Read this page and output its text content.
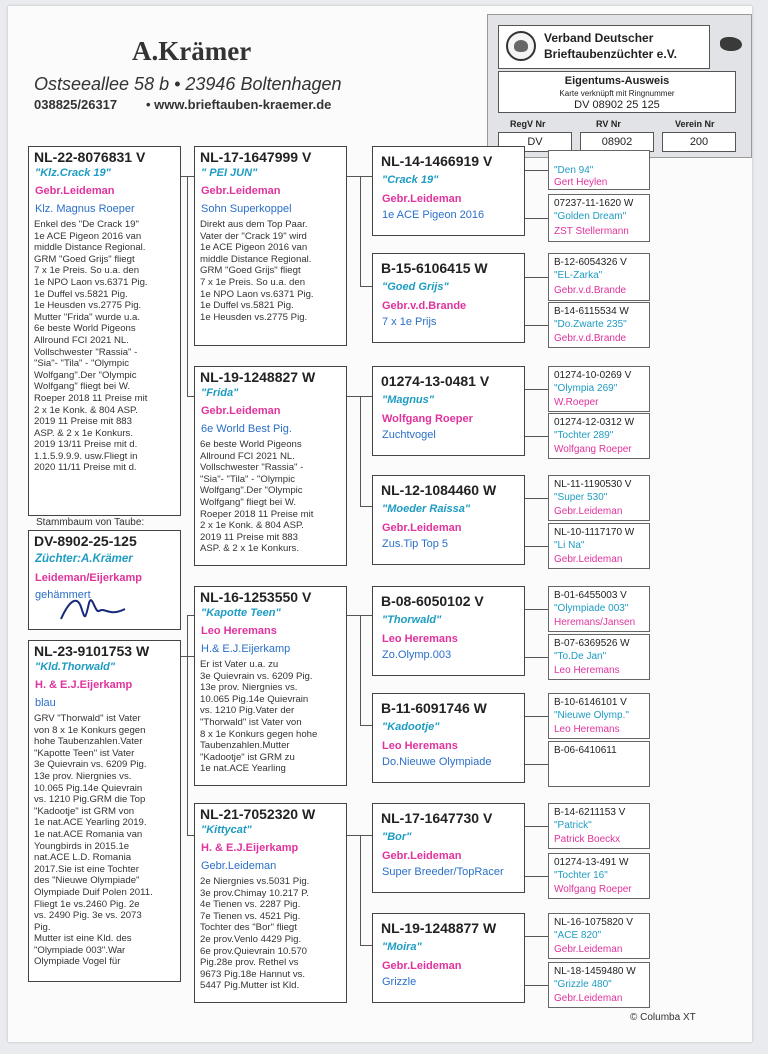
A.Krämer
Ostseeallee 58 b • 23946 Boltenhagen
038825/26317 • www.brieftauben-kraemer.de
Verband Deutscher
Brieftaubenzüchter e.V.
Eigentums-Ausweis
Karte verknüpft mit Ringnummer
DV 08902 25 125
RegV Nr	RV Nr	Verein Nr
DV	08902	200
NL-22-8076831 V
"Klz.Crack 19"
Gebr.Leideman
Klz. Magnus Roeper
Enkel des "De Crack 19"
1e ACE Pigeon 2016 van
middle Distance Regional.
GRM "Goed Grijs" fliegt
7 x 1e Preis. So u.a. den
1e NPO Laon vs.6371 Pig.
1e Duffel vs.5821 Pig.
1e Heusden vs.2775 Pig.
Mutter "Frida" wurde u.a.
6e beste World Pigeons
Allround FCI 2021 NL.
Vollschwester "Rassia" -
"Sia"- "Tila" - "Olympic
Wolfgang".Der "Olympic
Wolfgang" fliegt bei W.
Roeper 2018 11 Preise mit
2 x 1e Konk. & 804 ASP.
2019 11 Preise mit 883
ASP. & 2 x 1e Konkurs.
2019 13/11 Preise mit d.
1.1.5.9.9.9. usw.Fliegt in
2020 11/11 Preise mit d.
Stammbaum von Taube:
DV-8902-25-125
Züchter:A.Krämer
Leideman/Eijerkamp
gehämmert
NL-23-9101753 W
"Kld.Thorwald"
H. & E.J.Eijerkamp
blau
GRV "Thorwald" ist Vater
von 8 x 1e Konkurs gegen
hohe Taubenzahlen.Vater
"Kapotte Teen" ist Vater
3e Quievrain vs. 6209 Pig.
13e prov. Niergnies vs.
10.065 Pig.14e Quievrain
vs. 1210 Pig.GRM die Top
"Kadootje" ist GRM von
1e nat.ACE Yearling 2019.
1e nat.ACE Romania van
Youngbirds in 2015.1e
nat.ACE L.D. Romania
2017.Sie ist eine Tochter
des "Nieuwe Olympiade"
Olympiade Duif Polen 2011.
Fliegt 1e vs.2460 Pig. 2e
vs. 2490 Pig. 3e vs. 2073
Pig.
Mutter ist eine Kld. des
"Olympiade 003".War
Olympiade Vogel für
NL-17-1647999 V
" PEI JUN"
Gebr.Leideman
Sohn Superkoppel
Direkt aus dem Top Paar.
Vater der "Crack 19" wird
1e ACE Pigeon 2016 van
middle Distance Regional.
GRM "Goed Grijs" fliegt
7 x 1e Preis. So u.a. den
1e NPO Laon vs.6371 Pig.
1e Duffel vs.5821 Pig.
1e Heusden vs.2775 Pig.
NL-19-1248827 W
"Frida"
Gebr.Leideman
6e World Best Pig.
6e beste World Pigeons
Allround FCI 2021 NL.
Vollschwester "Rassia" -
"Sia"- "Tila" - "Olympic
Wolfgang".Der "Olympic
Wolfgang" fliegt bei W.
Roeper 2018 11 Preise mit
2 x 1e Konk. & 804 ASP.
2019 11 Preise mit 883
ASP. & 2 x 1e Konkurs.
NL-16-1253550 V
"Kapotte Teen"
Leo Heremans
H.& E.J.Eijerkamp
Er ist Vater u.a. zu
3e Quievrain vs. 6209 Pig.
13e prov. Niergnies vs.
10.065 Pig.14e Quievrain
vs. 1210 Pig.Vater der
"Thorwald" ist Vater von
8 x 1e Konkurs gegen hohe
Taubenzahlen.Mutter
"Kadootje" ist GRM zu
1e nat.ACE Yearling
NL-21-7052320 W
"Kittycat"
H. & E.J.Eijerkamp
Gebr.Leideman
2e Niergnies vs.5031 Pig.
3e prov.Chimay 10.217 P.
4e Tienen vs. 2287 Pig.
7e Tienen vs. 4521 Pig.
Tochter des "Bor" fliegt
2e prov.Venlo 4429 Pig.
6e prov.Quievrain 10.570
Pig.28e prov. Rethel vs
9673 Pig.18e Hannut vs.
5447 Pig.Mutter ist Kld.
NL-14-1466919 V
"Crack 19"
Gebr.Leideman
1e ACE Pigeon 2016
B-15-6106415 W
"Goed Grijs"
Gebr.v.d.Brande
7 x 1e Prijs
01274-13-0481 V
"Magnus"
Wolfgang Roeper
Zuchtvogel
NL-12-1084460 W
"Moeder Raissa"
Gebr.Leideman
Zus.Tip Top 5
B-08-6050102 V
"Thorwald"
Leo Heremans
Zo.Olymp.003
B-11-6091746 W
"Kadootje"
Leo Heremans
Do.Nieuwe Olympiade
NL-17-1647730 V
"Bor"
Gebr.Leideman
Super Breeder/TopRacer
NL-19-1248877 W
"Moira"
Gebr.Leideman
Grizzle
"Den 94"
Gert Heylen
07237-11-1620 W
"Golden Dream"
ZST Stellermann
B-12-6054326 V
"EL-Zarka"
Gebr.v.d.Brande
B-14-6115534 W
"Do.Zwarte 235"
Gebr.v.d.Brande
01274-10-0269 V
"Olympia 269"
W.Roeper
01274-12-0312 W
"Tochter 289"
Wolfgang Roeper
NL-11-1190530 V
"Super 530"
Gebr.Leideman
NL-10-1117170 W
"Li Na"
Gebr.Leideman
B-01-6455003 V
"Olympiade 003"
Heremans/Jansen
B-07-6369526 W
"To.De Jan"
Leo Heremans
B-10-6146101 V
"Nieuwe Olymp."
Leo Heremans
B-06-6410611
B-14-6211153 V
"Patrick"
Patrick Boeckx
01274-13-491 W
"Tochter 16"
Wolfgang Roeper
NL-16-1075820 V
"ACE 820"
Gebr.Leideman
NL-18-1459480 W
"Grizzle 480"
Gebr.Leideman
© Columba XT
